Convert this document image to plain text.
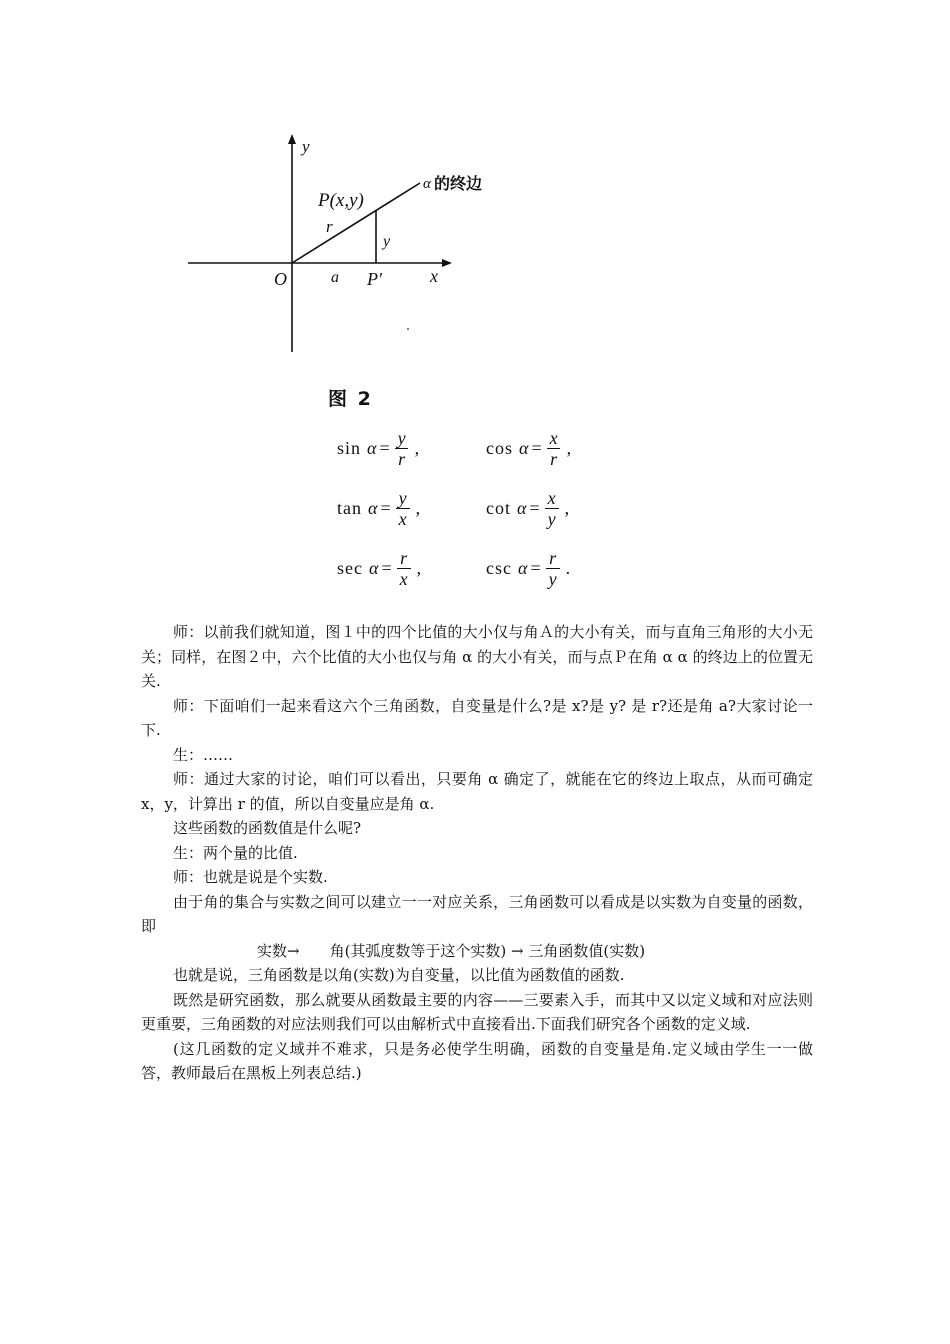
y
x
O
P(x,y)
r
y
a P'
α 的终边
图 2
$\sin \alpha = \frac{y}{r}$ ,	$\cos \alpha = \frac{x}{r}$ ,
$\tan \alpha = \frac{y}{x}$ ,	$\cot \alpha = \frac{x}{y}$ ,
$\sec \alpha = \frac{r}{x}$ ,	$\csc \alpha = \frac{r}{y}$ .

师：以前我们就知道，图１中的四个比值的大小仅与角Ａ的大小有关，而与直角三角形的大小无关；同样，在图２中，六个比值的大小也仅与角 α 的大小有关，而与点Ｐ在角 α α 的终边上的位置无关.

师：下面咱们一起来看这六个三角函数，自变量是什么?是 x?是 y? 是 r?还是角 a?大家讨论一下.

生：……

师：通过大家的讨论，咱们可以看出，只要角 α 确定了，就能在它的终边上取点，从而可确定 x，y，计算出 r 的值，所以自变量应是角 α.

这些函数的函数值是什么呢?

生：两个量的比值.

师：也就是说是个实数.

由于角的集合与实数之间可以建立一一对应关系，三角函数可以看成是以实数为自变量的函数，即

实数→　　角(其弧度数等于这个实数) → 三角函数值(实数)

也就是说，三角函数是以角(实数)为自变量，以比值为函数值的函数.

既然是研究函数，那么就要从函数最主要的内容——三要素入手，而其中又以定义域和对应法则更重要，三角函数的对应法则我们可以由解析式中直接看出.下面我们研究各个函数的定义域.

(这几函数的定义域并不难求，只是务必使学生明确，函数的自变量是角.定义域由学生一一做答，教师最后在黑板上列表总结.)
